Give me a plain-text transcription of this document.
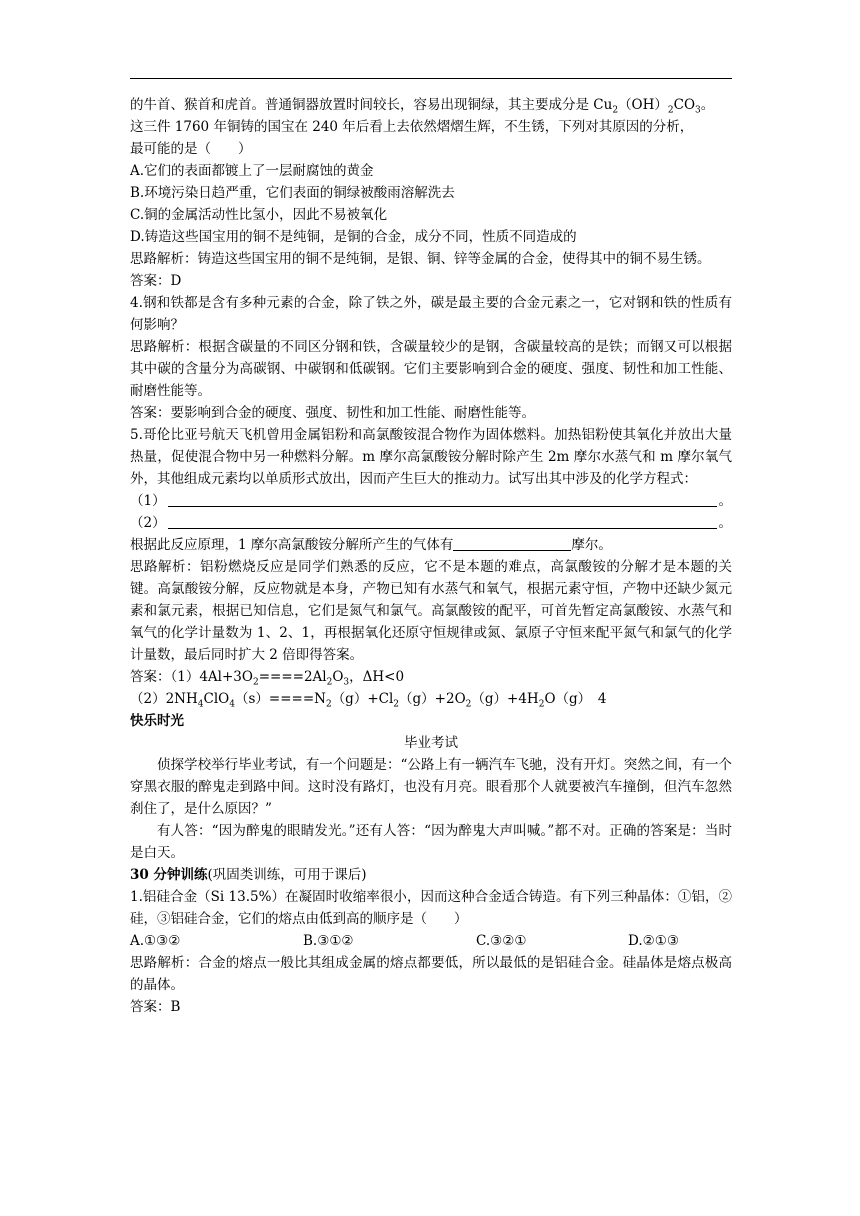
的牛首、猴首和虎首。普通铜器放置时间较长，容易出现铜绿，其主要成分是 $Cu_2(OH)_2CO_3$。

这三件 1760 年铜铸的国宝在 240 年后看上去依然熠熠生辉，不生锈，下列对其原因的分析，

最可能的是（　　）

A.它们的表面都镀上了一层耐腐蚀的黄金

B.环境污染日趋严重，它们表面的铜绿被酸雨溶解洗去

C.铜的金属活动性比氢小，因此不易被氧化

D.铸造这些国宝用的铜不是纯铜，是铜的合金，成分不同，性质不同造成的

思路解析：铸造这些国宝用的铜不是纯铜，是银、铜、锌等金属的合金，使得其中的铜不易生锈。

答案：D

4.钢和铁都是含有多种元素的合金，除了铁之外，碳是最主要的合金元素之一，它对钢和铁的性质有何影响？

思路解析：根据含碳量的不同区分钢和铁，含碳量较少的是钢，含碳量较高的是铁；而钢又可以根据其中碳的含量分为高碳钢、中碳钢和低碳钢。它们主要影响到合金的硬度、强度、韧性和加工性能、耐磨性能等。

答案：要影响到合金的硬度、强度、韧性和加工性能、耐磨性能等。

5.哥伦比亚号航天飞机曾用金属铝粉和高氯酸铵混合物作为固体燃料。加热铝粉使其氧化并放出大量热量，促使混合物中另一种燃料分解。m 摩尔高氯酸铵分解时除产生 2m 摩尔水蒸气和 m 摩尔氧气外，其他组成元素均以单质形式放出，因而产生巨大的推动力。试写出其中涉及的化学方程式：

（1）	。
（2）	。

根据此反应原理，1 摩尔高氯酸铵分解所产生的气体有	摩尔。

思路解析：铝粉燃烧反应是同学们熟悉的反应，它不是本题的难点，高氯酸铵的分解才是本题的关键。高氯酸铵分解，反应物就是本身，产物已知有水蒸气和氧气，根据元素守恒，产物中还缺少氮元素和氯元素，根据已知信息，它们是氮气和氯气。高氯酸铵的配平，可首先暂定高氯酸铵、水蒸气和氧气的化学计量数为 1、2、1，再根据氧化还原守恒规律或氮、氯原子守恒来配平氮气和氯气的化学计量数，最后同时扩大 2 倍即得答案。

答案：$(1)4Al+3O_2====2Al_2O_3$，ΔH<0

$(2)2NH_4ClO_4(s)====N_2(g)+Cl_2(g)+2O_2(g)+4H_2O(g)$　4

快乐时光

毕业考试

侦探学校举行毕业考试，有一个问题是：“公路上有一辆汽车飞驰，没有开灯。突然之间，有一个穿黑衣服的醉鬼走到路中间。这时没有路灯，也没有月亮。眼看那个人就要被汽车撞倒，但汽车忽然刹住了，是什么原因？”

有人答：“因为醉鬼的眼睛发光。”还有人答：“因为醉鬼大声叫喊。”都不对。正确的答案是：当时是白天。

30 分钟训练(巩固类训练，可用于课后)

1.铝硅合金（Si 13.5%）在凝固时收缩率很小，因而这种合金适合铸造。有下列三种晶体：①铝，②硅，③铝硅合金，它们的熔点由低到高的顺序是（　　）

A.①③②	B.③①②	C.③②①	D.②①③

思路解析：合金的熔点一般比其组成金属的熔点都要低，所以最低的是铝硅合金。硅晶体是熔点极高的晶体。

答案：B
